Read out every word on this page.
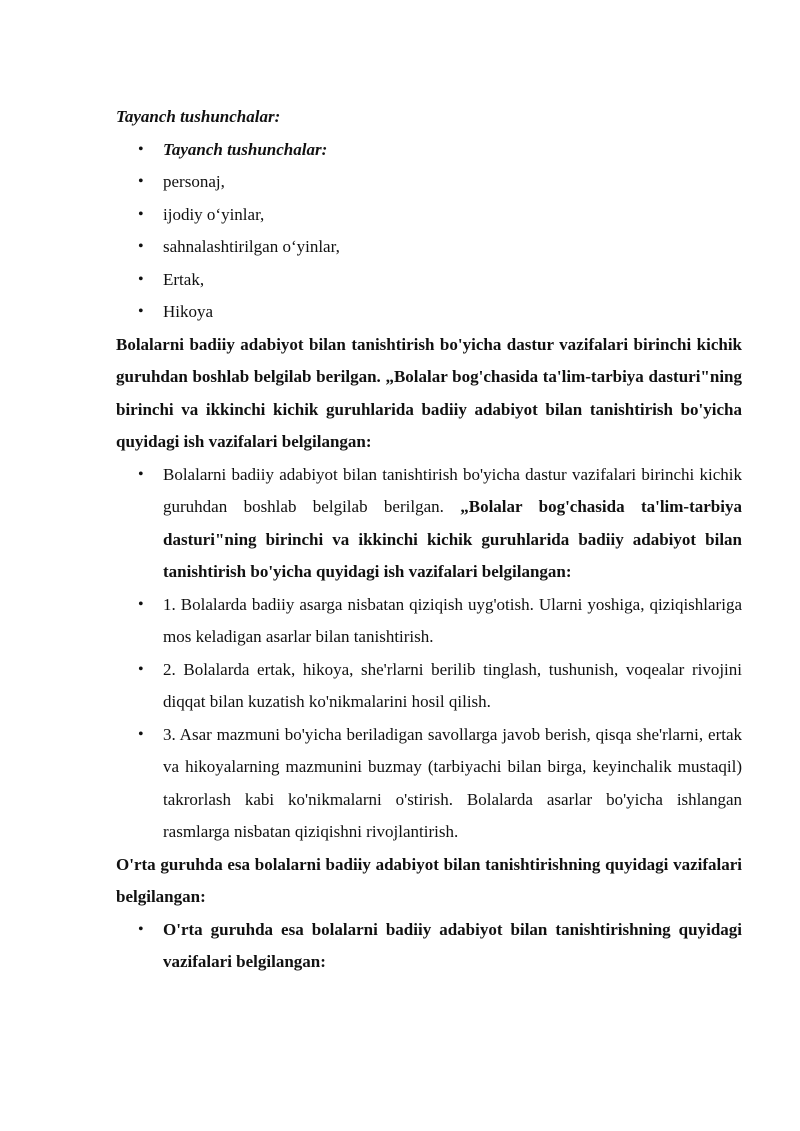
Tayanch tushunchalar:

• Tayanch tushunchalar:
• personaj,
• ijodiy o‘yinlar,
• sahnalashtirilgan o‘yinlar,
• Ertak,
• Hikoya

Bolalarni badiiy adabiyot bilan tanishtirish bo'yicha dastur vazifalari birinchi kichik guruhdan boshlab belgilab berilgan. „Bolalar bog'chasida ta'lim-tarbiya dasturi"ning birinchi va ikkinchi kichik guruhlarida badiiy adabiyot bilan tanishtirish bo'yicha quyidagi ish vazifalari belgilangan:

• Bolalarni badiiy adabiyot bilan tanishtirish bo'yicha dastur vazifalari birinchi kichik guruhdan boshlab belgilab berilgan. „Bolalar bog'chasida ta'lim-tarbiya dasturi"ning birinchi va ikkinchi kichik guruhlarida badiiy adabiyot bilan tanishtirish bo'yicha quyidagi ish vazifalari belgilangan:
• 1. Bolalarda badiiy asarga nisbatan qiziqish uyg'otish. Ularni yoshiga, qiziqishlariga mos keladigan asarlar bilan tanishtirish.
• 2. Bolalarda ertak, hikoya, she'rlarni berilib tinglash, tushunish, voqealar rivojini diqqat bilan kuzatish ko'nikmalarini hosil qilish.
• 3. Asar mazmuni bo'yicha beriladigan savollarga javob berish, qisqa she'rlarni, ertak va hikoyalarning mazmunini buzmay (tarbiyachi bilan birga, keyinchalik mustaqil) takrorlash kabi ko'nikmalarni o'stirish. Bolalarda asarlar bo'yicha ishlangan rasmlarga nisbatan qiziqishni rivojlantirish.

O'rta guruhda esa bolalarni badiiy adabiyot bilan tanishtirishning quyidagi vazifalari belgilangan:

• O'rta guruhda esa bolalarni badiiy adabiyot bilan tanishtirishning quyidagi vazifalari belgilangan:
